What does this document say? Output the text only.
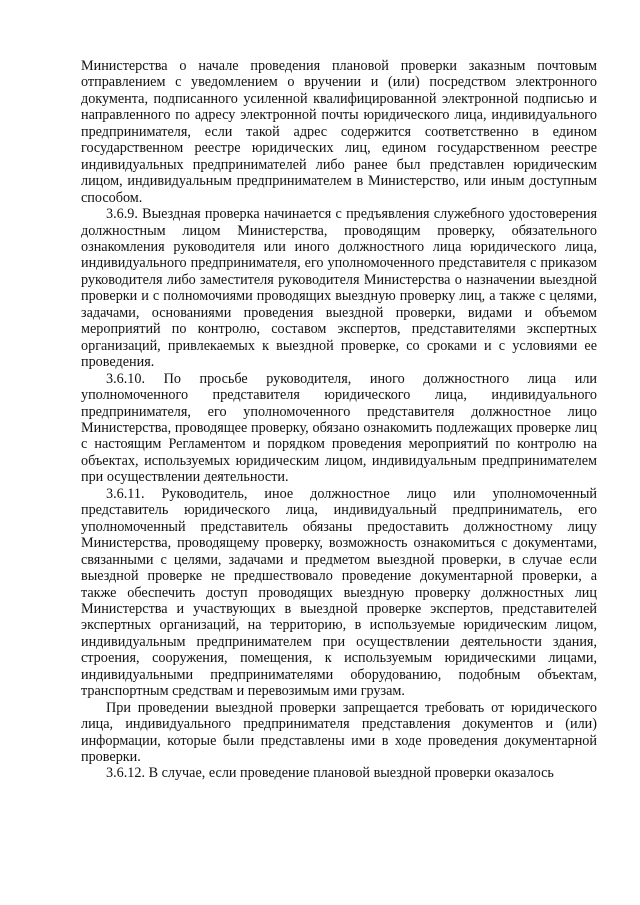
Министерства о начале проведения плановой проверки заказным почтовым отправлением с уведомлением о вручении и (или) посредством электронного документа, подписанного усиленной квалифицированной электронной подписью и направленного по адресу электронной почты юридического лица, индивидуального предпринимателя, если такой адрес содержится соответственно в едином государственном реестре юридических лиц, едином государственном реестре индивидуальных предпринимателей либо ранее был представлен юридическим лицом, индивидуальным предпринимателем в Министерство, или иным доступным способом.

3.6.9. Выездная проверка начинается с предъявления служебного удостоверения должностным лицом Министерства, проводящим проверку, обязательного ознакомления руководителя или иного должностного лица юридического лица, индивидуального предпринимателя, его уполномоченного представителя с приказом руководителя либо заместителя руководителя Министерства о назначении выездной проверки и с полномочиями проводящих выездную проверку лиц, а также с целями, задачами, основаниями проведения выездной проверки, видами и объемом мероприятий по контролю, составом экспертов, представителями экспертных организаций, привлекаемых к выездной проверке, со сроками и с условиями ее проведения.

3.6.10. По просьбе руководителя, иного должностного лица или уполномоченного представителя юридического лица, индивидуального предпринимателя, его уполномоченного представителя должностное лицо Министерства, проводящее проверку, обязано ознакомить подлежащих проверке лиц с настоящим Регламентом и порядком проведения мероприятий по контролю на объектах, используемых юридическим лицом, индивидуальным предпринимателем при осуществлении деятельности.

3.6.11. Руководитель, иное должностное лицо или уполномоченный представитель юридического лица, индивидуальный предприниматель, его уполномоченный представитель обязаны предоставить должностному лицу Министерства, проводящему проверку, возможность ознакомиться с документами, связанными с целями, задачами и предметом выездной проверки, в случае если выездной проверке не предшествовало проведение документарной проверки, а также обеспечить доступ проводящих выездную проверку должностных лиц Министерства и участвующих в выездной проверке экспертов, представителей экспертных организаций, на территорию, в используемые юридическим лицом, индивидуальным предпринимателем при осуществлении деятельности здания, строения, сооружения, помещения, к используемым юридическими лицами, индивидуальными предпринимателями оборудованию, подобным объектам, транспортным средствам и перевозимым ими грузам.

При проведении выездной проверки запрещается требовать от юридического лица, индивидуального предпринимателя представления документов и (или) информации, которые были представлены ими в ходе проведения документарной проверки.

3.6.12. В случае, если проведение плановой выездной проверки оказалось
